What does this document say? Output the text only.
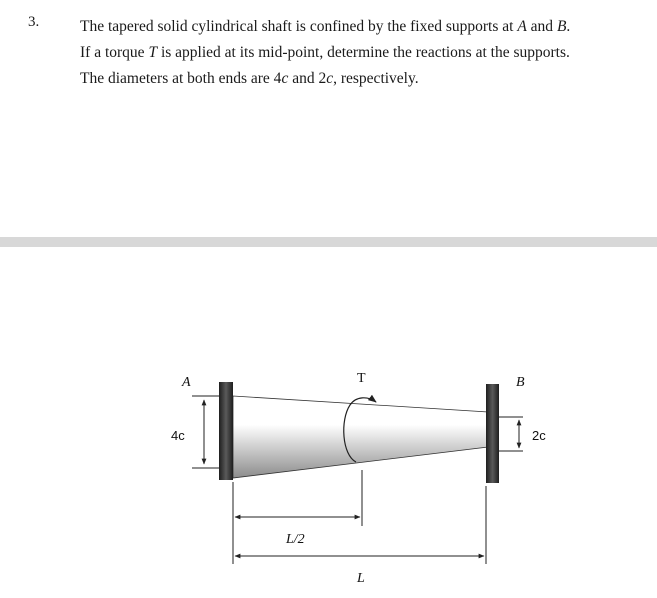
3.	The tapered solid cylindrical shaft is confined by the fixed supports at A and B.
If a torque T is applied at its mid-point, determine the reactions at the supports.
The diameters at both ends are 4c and 2c, respectively.
A	B
T
4c	2c
L/2
L
